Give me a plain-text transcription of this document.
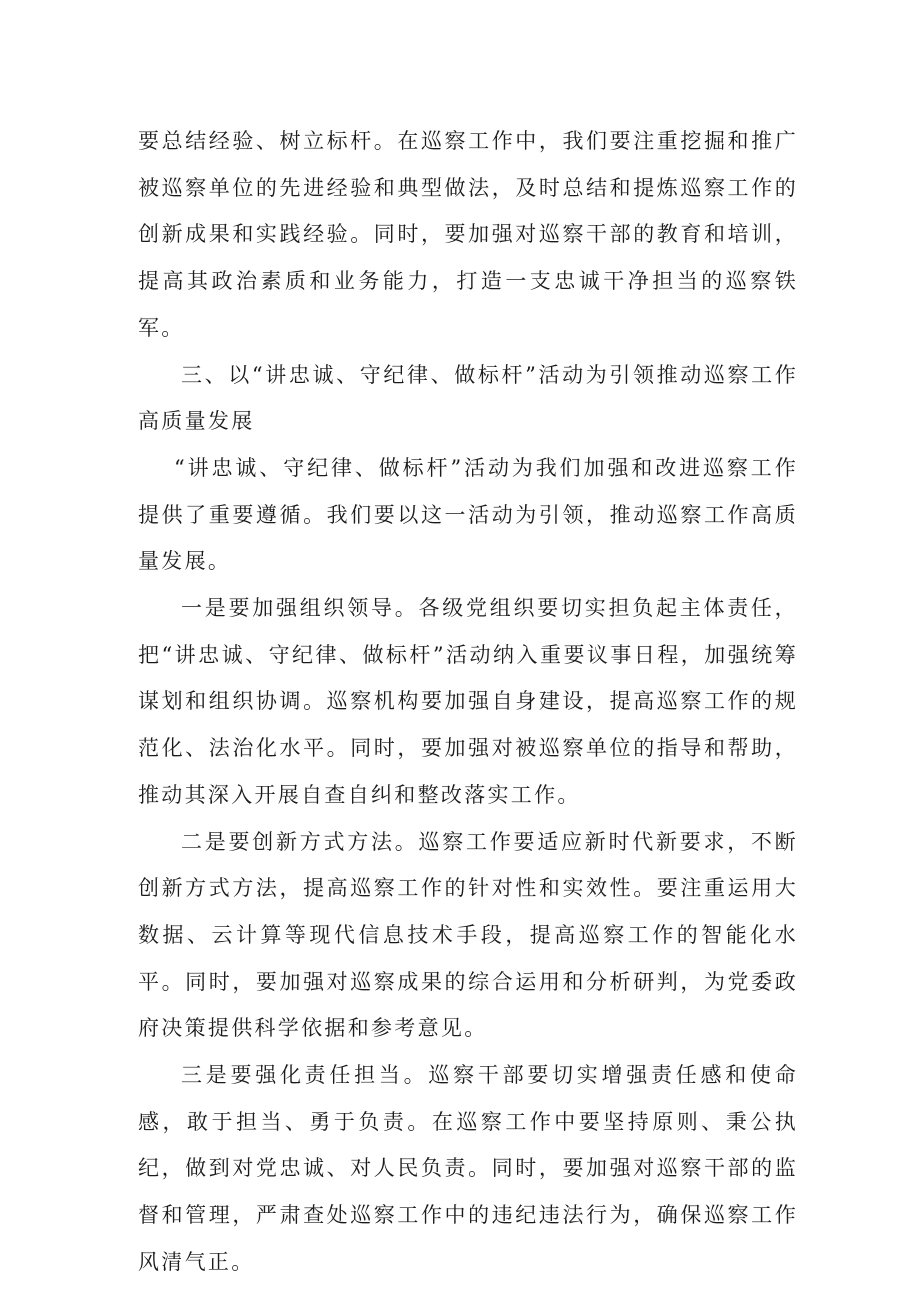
要总结经验、树立标杆。在巡察工作中，我们要注重挖掘和推广被巡察单位的先进经验和典型做法，及时总结和提炼巡察工作的创新成果和实践经验。同时，要加强对巡察干部的教育和培训，提高其政治素质和业务能力，打造一支忠诚干净担当的巡察铁军。

三、以“讲忠诚、守纪律、做标杆”活动为引领推动巡察工作高质量发展

“讲忠诚、守纪律、做标杆”活动为我们加强和改进巡察工作提供了重要遵循。我们要以这一活动为引领，推动巡察工作高质量发展。

一是要加强组织领导。各级党组织要切实担负起主体责任，把“讲忠诚、守纪律、做标杆”活动纳入重要议事日程，加强统筹谋划和组织协调。巡察机构要加强自身建设，提高巡察工作的规范化、法治化水平。同时，要加强对被巡察单位的指导和帮助，推动其深入开展自查自纠和整改落实工作。

二是要创新方式方法。巡察工作要适应新时代新要求，不断创新方式方法，提高巡察工作的针对性和实效性。要注重运用大数据、云计算等现代信息技术手段，提高巡察工作的智能化水平。同时，要加强对巡察成果的综合运用和分析研判，为党委政府决策提供科学依据和参考意见。

三是要强化责任担当。巡察干部要切实增强责任感和使命感，敢于担当、勇于负责。在巡察工作中要坚持原则、秉公执纪，做到对党忠诚、对人民负责。同时，要加强对巡察干部的监督和管理，严肃查处巡察工作中的违纪违法行为，确保巡察工作风清气正。
